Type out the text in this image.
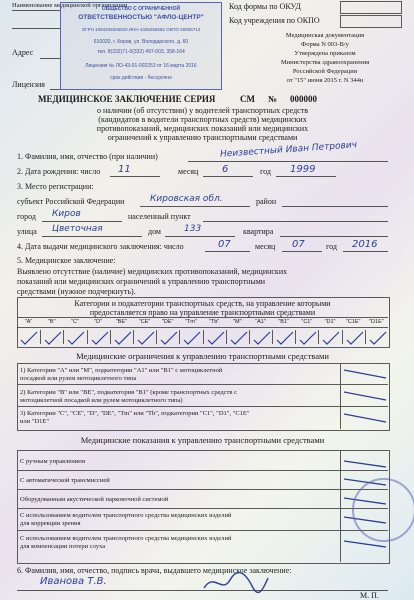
Наименование медицинской организации
Адрес
Лицензия
ОБЩЕСТВО С ОГРАНИЧЕННОЙ
ОТВЕТСТВЕННОСТЬЮ "АФЛО-ЦЕНТР"
ОГРН 1094345006920 ИНН 4345255562 ОКПО 60605712
610020, г. Киров, ул. Володарского, д. 60
тел. 8(332)71-0(332) 497-003, 358-164
Лицензия № ЛО-43-01-002253 от 16 марта 2016
срок действия - бессрочно
Код формы по ОКУД
Код учреждения по ОКПО
Медицинская документация
Форма N 003-В/у
Утверждена приказом
Министерства здравоохранения
Российской Федерации
от "15" июня 2015 г. N 344н
МЕДИЦИНСКОЕ ЗАКЛЮЧЕНИЕ СЕРИЯ	СМ № 000000
о наличии (об отсутствии) у водителей транспортных средств
(кандидатов в водители транспортных средств) медицинских
противопоказаний, медицинских показаний или медицинских
ограничений к управлению транспортными средствами
1. Фамилия, имя, отчество (при наличии)	Неизвестный Иван Петрович
2. Дата рождения: число 11	месяц 6	год 1999
3. Место регистрации:
субъект Российской Федерации	Кировская обл.	район
город Киров	населенный пункт
улица Цветочная	дом	133	квартира
4. Дата выдачи медицинского заключения: число	07	месяц 07	год 2016
5. Медицинское заключение:
Выявлено отсутствие (наличие) медицинских противопоказаний, медицинских
показаний или медицинских ограничений к управлению транспортными
средствами (нужное подчеркнуть).
Категории и подкатегории транспортных средств, на управление которыми
предоставляется право на управление транспортными средствами
"A"	"B"	"C"	"D"	"BE"	"CE"	"DE"	"Tm"	"Tb"	"M"	"A1"	"B1"	"C1"	"D1"	"C1E"	"D1E"
Медицинские ограничения к управлению транспортными средствами
1) Категории "A" или "M", подкатегории "A1" или "B1" с мотоциклетной
посадкой или рулем мотоциклетного типа
2) Категории "B" или "BE", подкатегория "B1" (кроме транспортных средств с
мотоциклетной посадкой или рулем мотоциклетного типа)
3) Категории "C", "CE", "D", "DE", "Tm" или "Tb", подкатегории "C1", "D1", "C1E"
или "D1E"
Медицинские показания к управлению транспортными средствами
С ручным управлением
С автоматической трансмиссией
Оборудованным акустической парковочной системой
С использованием водителем транспортного средства медицинских изделий
для коррекции зрения
С использованием водителем транспортного средства медицинских изделий
для компенсации потери слуха
6. Фамилия, имя, отчество, подпись врача, выдавшего медицинское заключение:
Иванова Т.В.
М. П.
